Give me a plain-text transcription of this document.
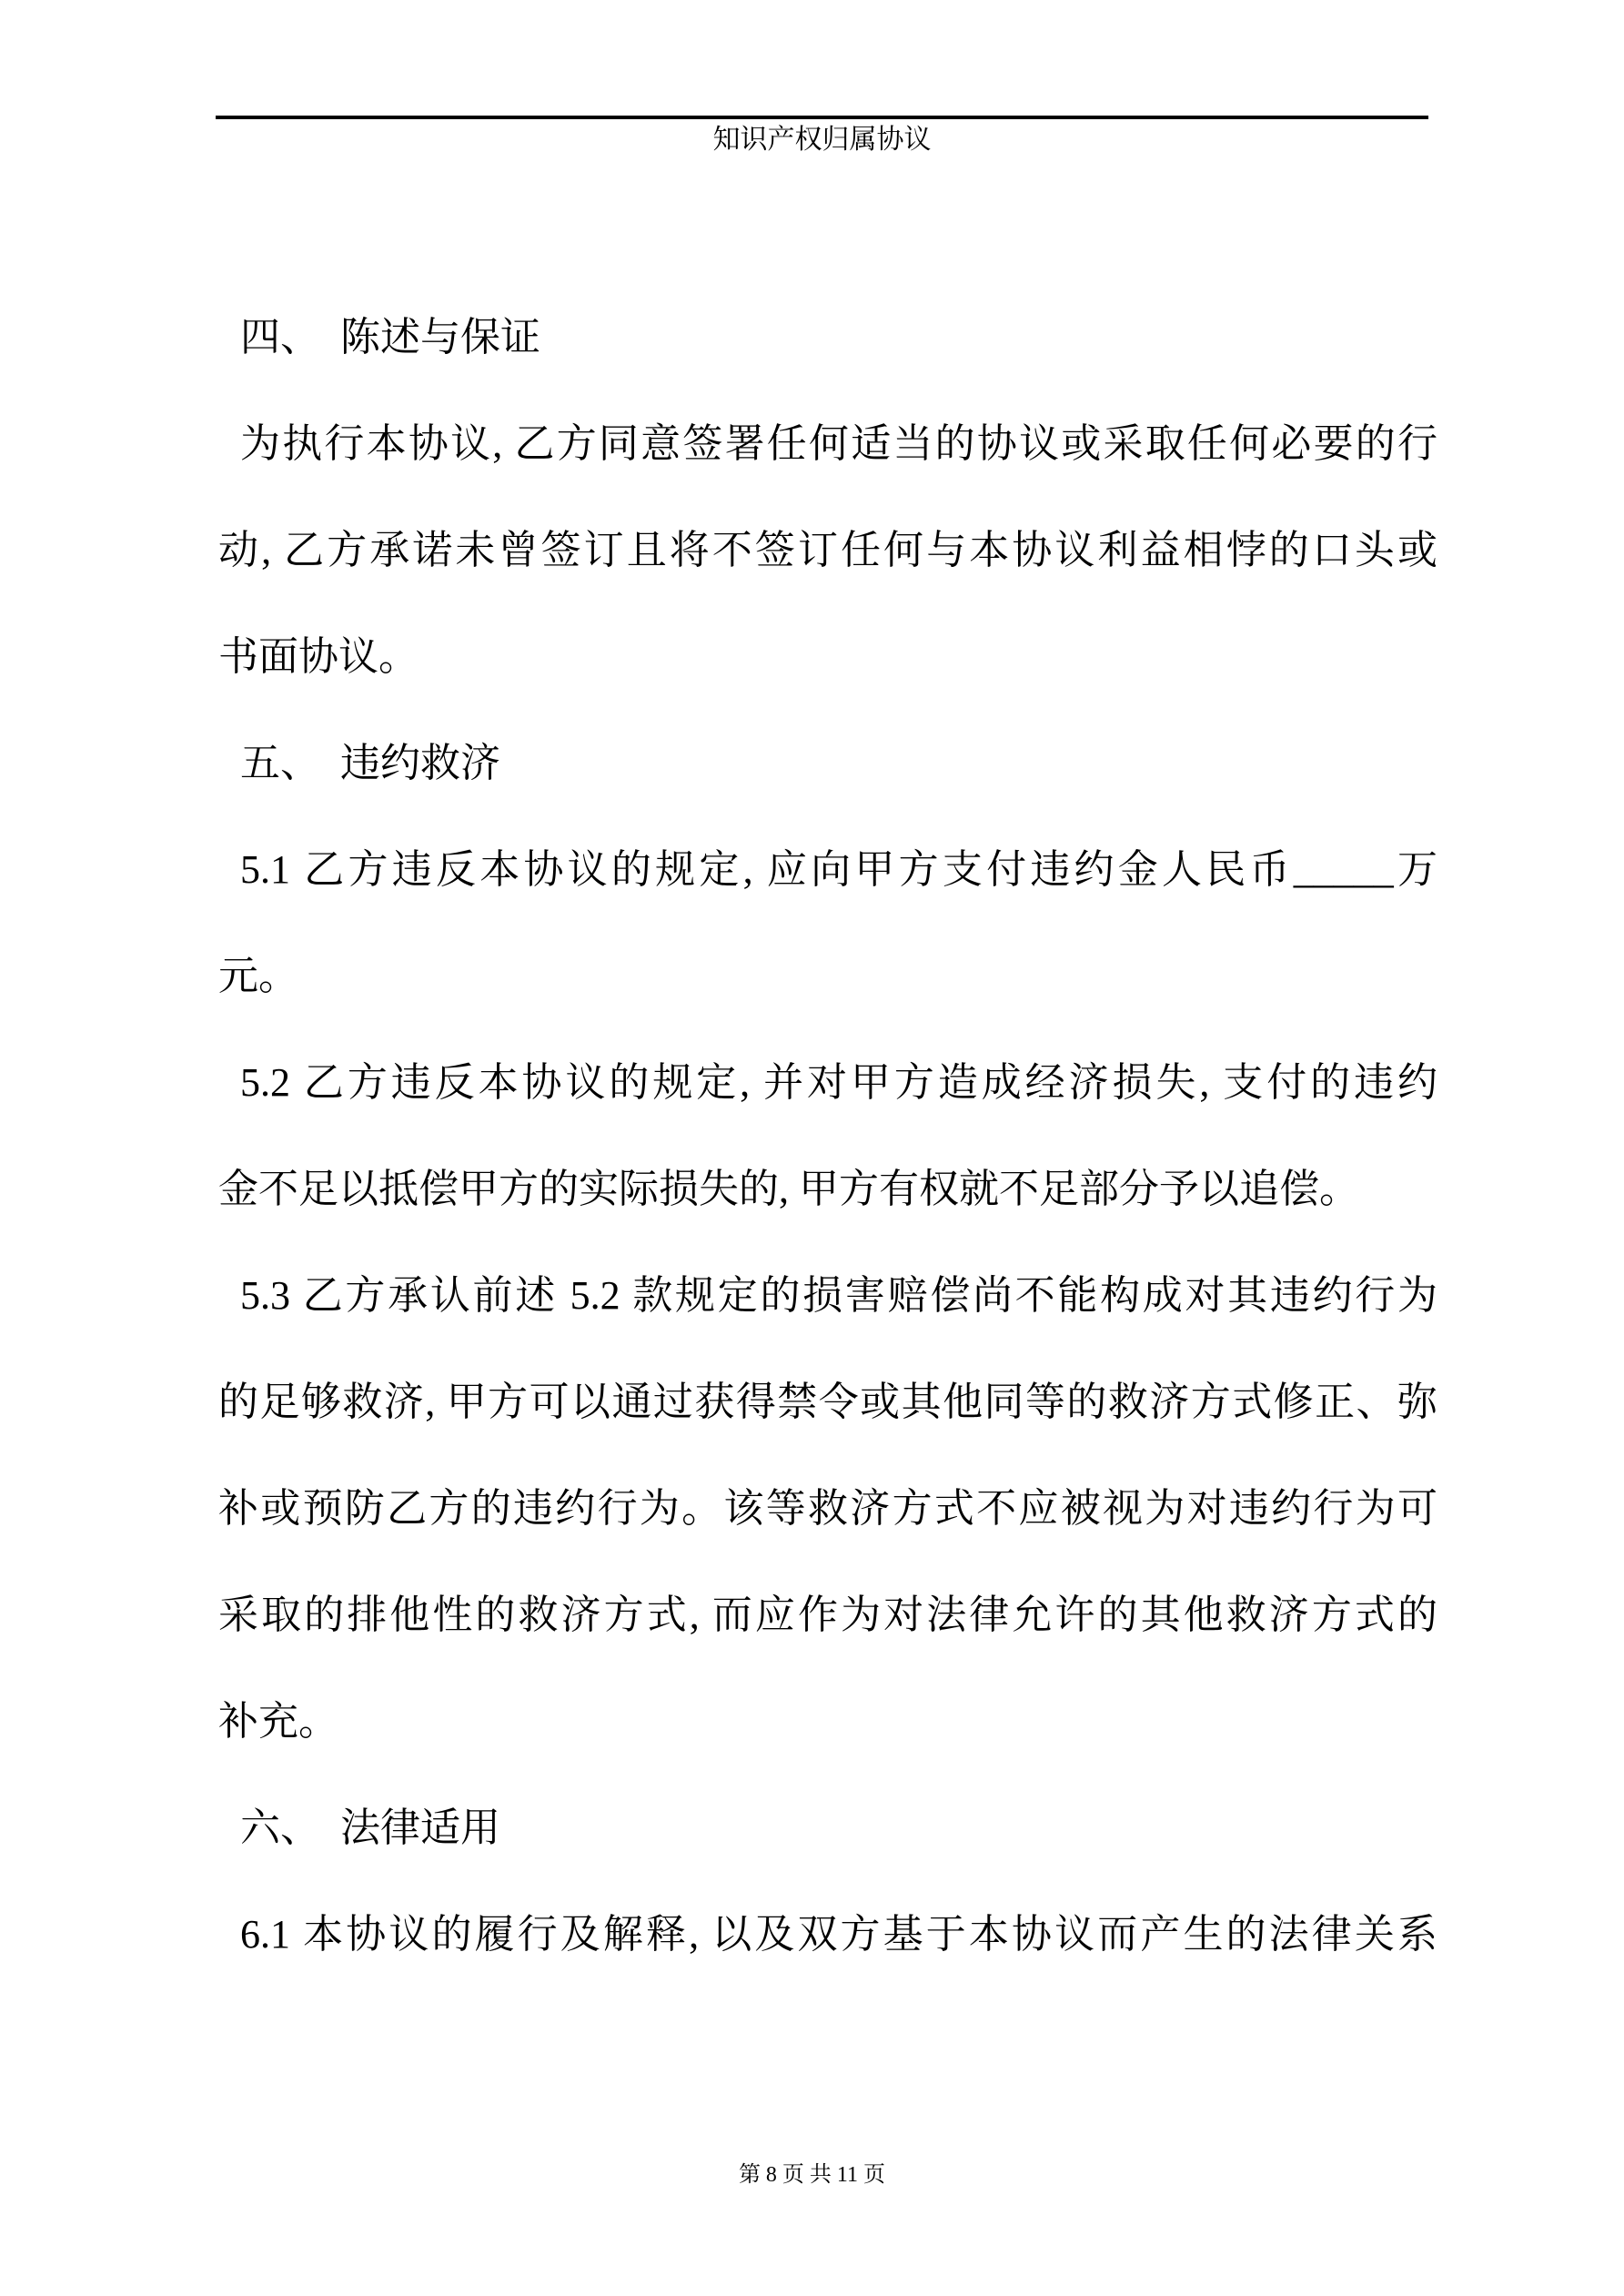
知识产权归属协议
四、  陈述与保证
为执行本协议, 乙方同意签署任何适当的协议或采取任何必要的行
动, 乙方承诺未曾签订且将不签订任何与本协议利益相悖的口头或
书面协议。
五、  违约救济
5.1 乙方违反本协议的规定, 应向甲方支付违约金人民币_____万
元。
5.2 乙方违反本协议的规定, 并对甲方造成经济损失, 支付的违约
金不足以抵偿甲方的实际损失的, 甲方有权就不足部分予以追偿。
5.3 乙方承认前述 5.2 款规定的损害赔偿尚不能构成对其违约行为
的足够救济, 甲方可以通过获得禁令或其他同等的救济方式修正、弥
补或预防乙方的违约行为。该等救济方式不应被视为对违约行为可
采取的排他性的救济方式, 而应作为对法律允许的其他救济方式的
补充。
六、  法律适用
6.1 本协议的履行及解释, 以及双方基于本协议而产生的法律关系
第 8 页 共 11 页
